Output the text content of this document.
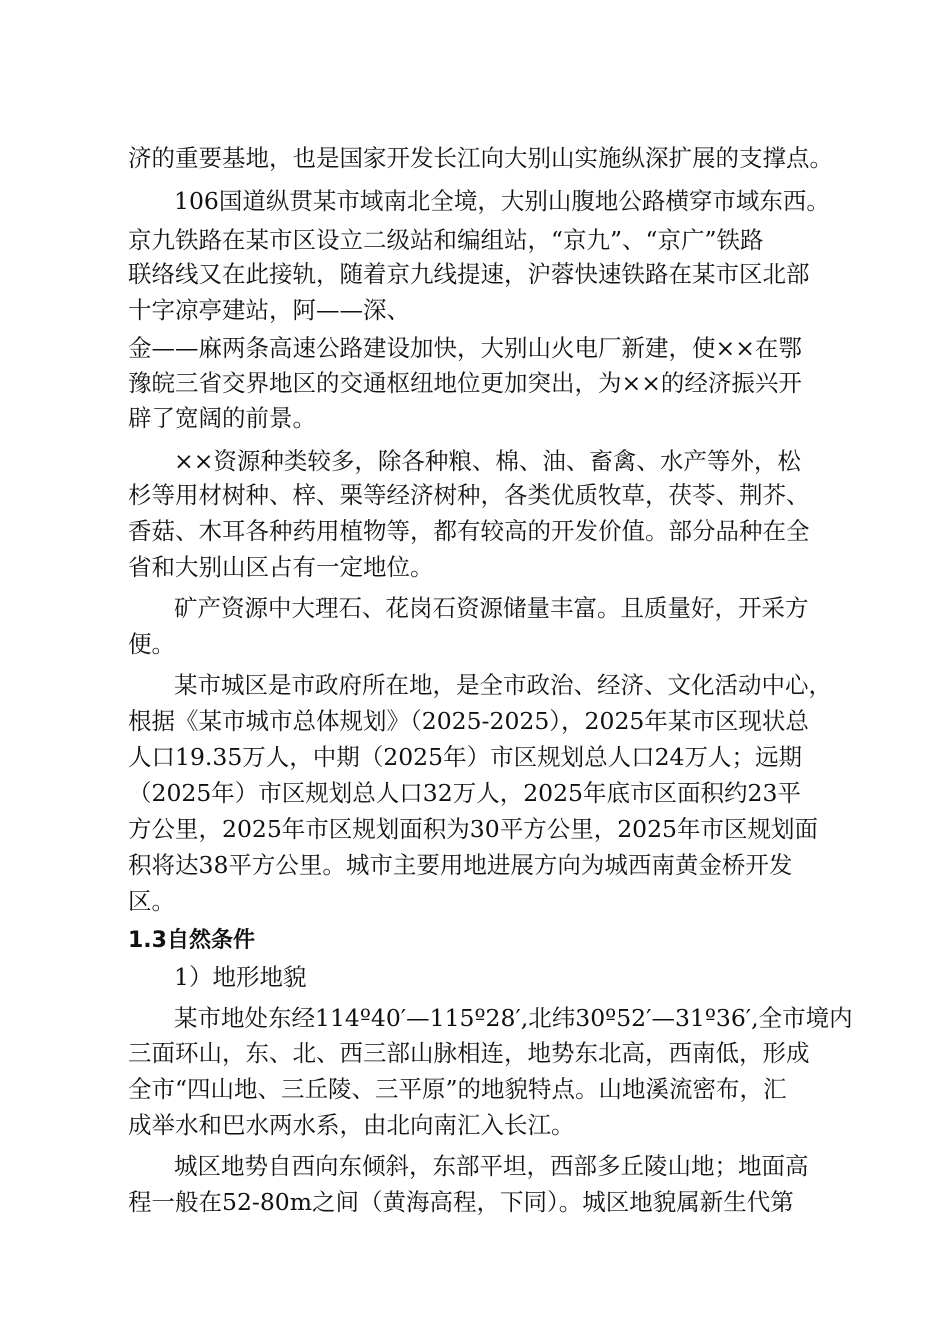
济的重要基地，也是国家开发长江向大别山实施纵深扩展的支撑点。
106国道纵贯某市域南北全境，大别山腹地公路横穿市域东西。
京九铁路在某市区设立二级站和编组站，“京九”、“京广”铁路
联络线又在此接轨，随着京九线提速，沪蓉快速铁路在某市区北部
十字凉亭建站，阿——深、
金——麻两条高速公路建设加快，大别山火电厂新建，使××在鄂
豫皖三省交界地区的交通枢纽地位更加突出，为××的经济振兴开
辟了宽阔的前景。
××资源种类较多，除各种粮、棉、油、畜禽、水产等外，松
杉等用材树种、梓、栗等经济树种，各类优质牧草，茯苓、荆芥、
香菇、木耳各种药用植物等，都有较高的开发价值。部分品种在全
省和大别山区占有一定地位。
矿产资源中大理石、花岗石资源储量丰富。且质量好，开采方
便。
某市城区是市政府所在地，是全市政治、经济、文化活动中心，
根据《某市城市总体规划》（2025-2025），2025年某市区现状总
人口19.35万人，中期（2025年）市区规划总人口24万人；远期
（2025年）市区规划总人口32万人，2025年底市区面积约23平
方公里，2025年市区规划面积为30平方公里，2025年市区规划面
积将达38平方公里。城市主要用地进展方向为城西南黄金桥开发
区。
1.3自然条件
1）地形地貌
某市地处东经114º40′—115º28′,北纬30º52′—31º36′,全市境内
三面环山，东、北、西三部山脉相连，地势东北高，西南低，形成
全市“四山地、三丘陵、三平原”的地貌特点。山地溪流密布，汇
成举水和巴水两水系，由北向南汇入长江。
城区地势自西向东倾斜，东部平坦，西部多丘陵山地；地面高
程一般在52-80m之间（黄海高程，下同）。城区地貌属新生代第
